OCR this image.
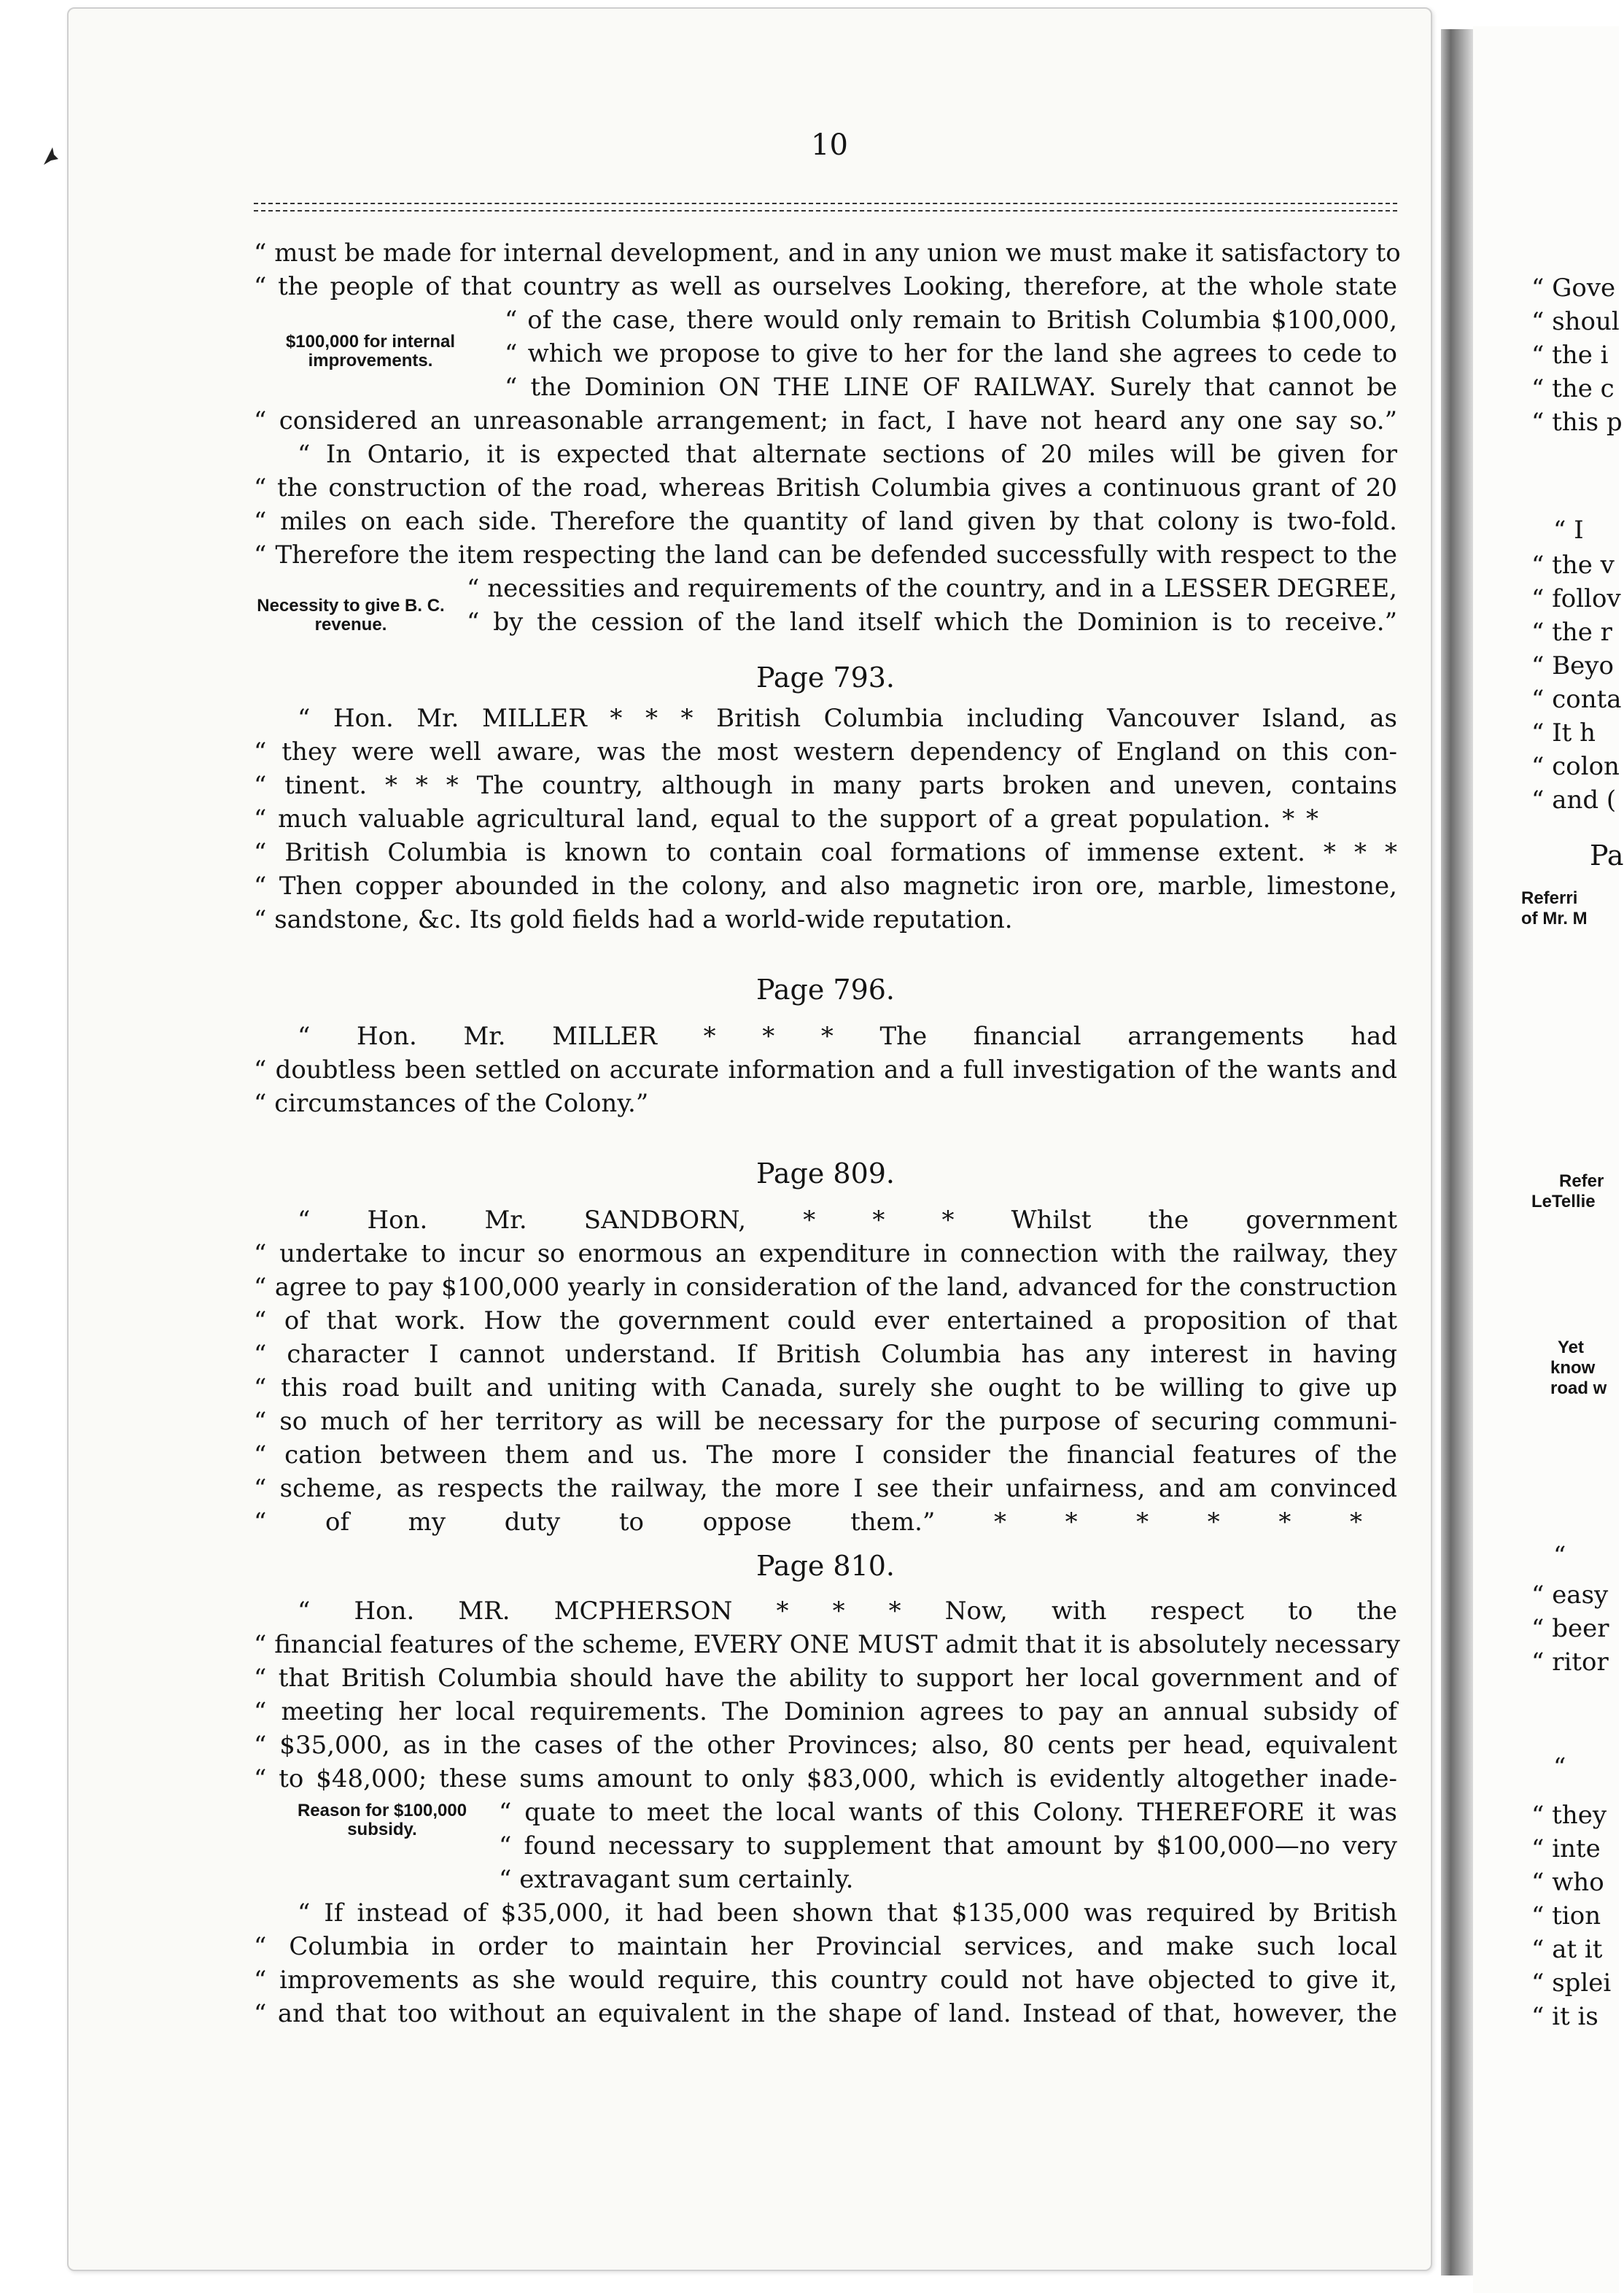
10
“ must be made for internal development, and in any union we must make it satisfactory to
“ the people of that country as well as ourselves Looking, therefore, at the whole state
“ of the case, there would only remain to British Columbia $100,000,
“ which we propose to give to her for the land she agrees to cede to
“ the Dominion ON THE LINE OF RAILWAY. Surely that cannot be
“ considered an unreasonable arrangement; in fact, I have not heard any one say so.”
“ In Ontario, it is expected that alternate sections of 20 miles will be given for
“ the construction of the road, whereas British Columbia gives a continuous grant of 20
“ miles on each side. Therefore the quantity of land given by that colony is two-fold.
“ Therefore the item respecting the land can be defended successfully with respect to the
“ necessities and requirements of the country, and in a LESSER DEGREE,
“ by the cession of the land itself which the Dominion is to receive.”
$100,000 for internal improvements.
Necessity to give B. C. revenue.
Page 793.
“ Hon. Mr. MILLER * * * British Columbia including Vancouver Island, as
“ they were well aware, was the most western dependency of England on this con-
“ tinent. * * * The country, although in many parts broken and uneven, contains
“ much valuable agricultural land, equal to the support of a great population. * *
“ British Columbia is known to contain coal formations of immense extent. * * *
“ Then copper abounded in the colony, and also magnetic iron ore, marble, limestone,
“ sandstone, &c. Its gold fields had a world-wide reputation.
Page 796.
“ Hon. Mr. MILLER * * * The financial arrangements had
“ doubtless been settled on accurate information and a full investigation of the wants and
“ circumstances of the Colony.”
Page 809.
“ Hon. Mr. SANDBORN, * * * Whilst the government
“ undertake to incur so enormous an expenditure in connection with the railway, they
“ agree to pay $100,000 yearly in consideration of the land, advanced for the construction
“ of that work. How the government could ever entertained a proposition of that
“ character I cannot understand. If British Columbia has any interest in having
“ this road built and uniting with Canada, surely she ought to be willing to give up
“ so much of her territory as will be necessary for the purpose of securing communi-
“ cation between them and us. The more I consider the financial features of the
“ scheme, as respects the railway, the more I see their unfairness, and am convinced
“ of my duty to oppose them.” * * * * * *
Page 810.
“ Hon. MR. MCPHERSON * * * Now, with respect to the
“ financial features of the scheme, EVERY ONE MUST admit that it is absolutely necessary
“ that British Columbia should have the ability to support her local government and of
“ meeting her local requirements. The Dominion agrees to pay an annual subsidy of
“ $35,000, as in the cases of the other Provinces; also, 80 cents per head, equivalent
“ to $48,000; these sums amount to only $83,000, which is evidently altogether inade-
“ quate to meet the local wants of this Colony. THEREFORE it was
“ found necessary to supplement that amount by $100,000—no very
“ extravagant sum certainly.
“ If instead of $35,000, it had been shown that $135,000 was required by British
“ Columbia in order to maintain her Provincial services, and make such local
“ improvements as she would require, this country could not have objected to give it,
“ and that too without an equivalent in the shape of land. Instead of that, however, the
Reason for $100,000 subsidy.
“ Gove
“ shoul
“ the i
“ the c
“ this p
“ I
“ the v
“ follov
“ the r
“ Beyo
“ conta
“ It h
“ colon
“ and (
Pa
“
“ easy
“ beer
“ ritor
“
“ they
“ inte
“ who
“ tion
“ at it
“ splei
“ it is
Referri
of Mr. M
Refer
LeTellie
Yet
know
road w
